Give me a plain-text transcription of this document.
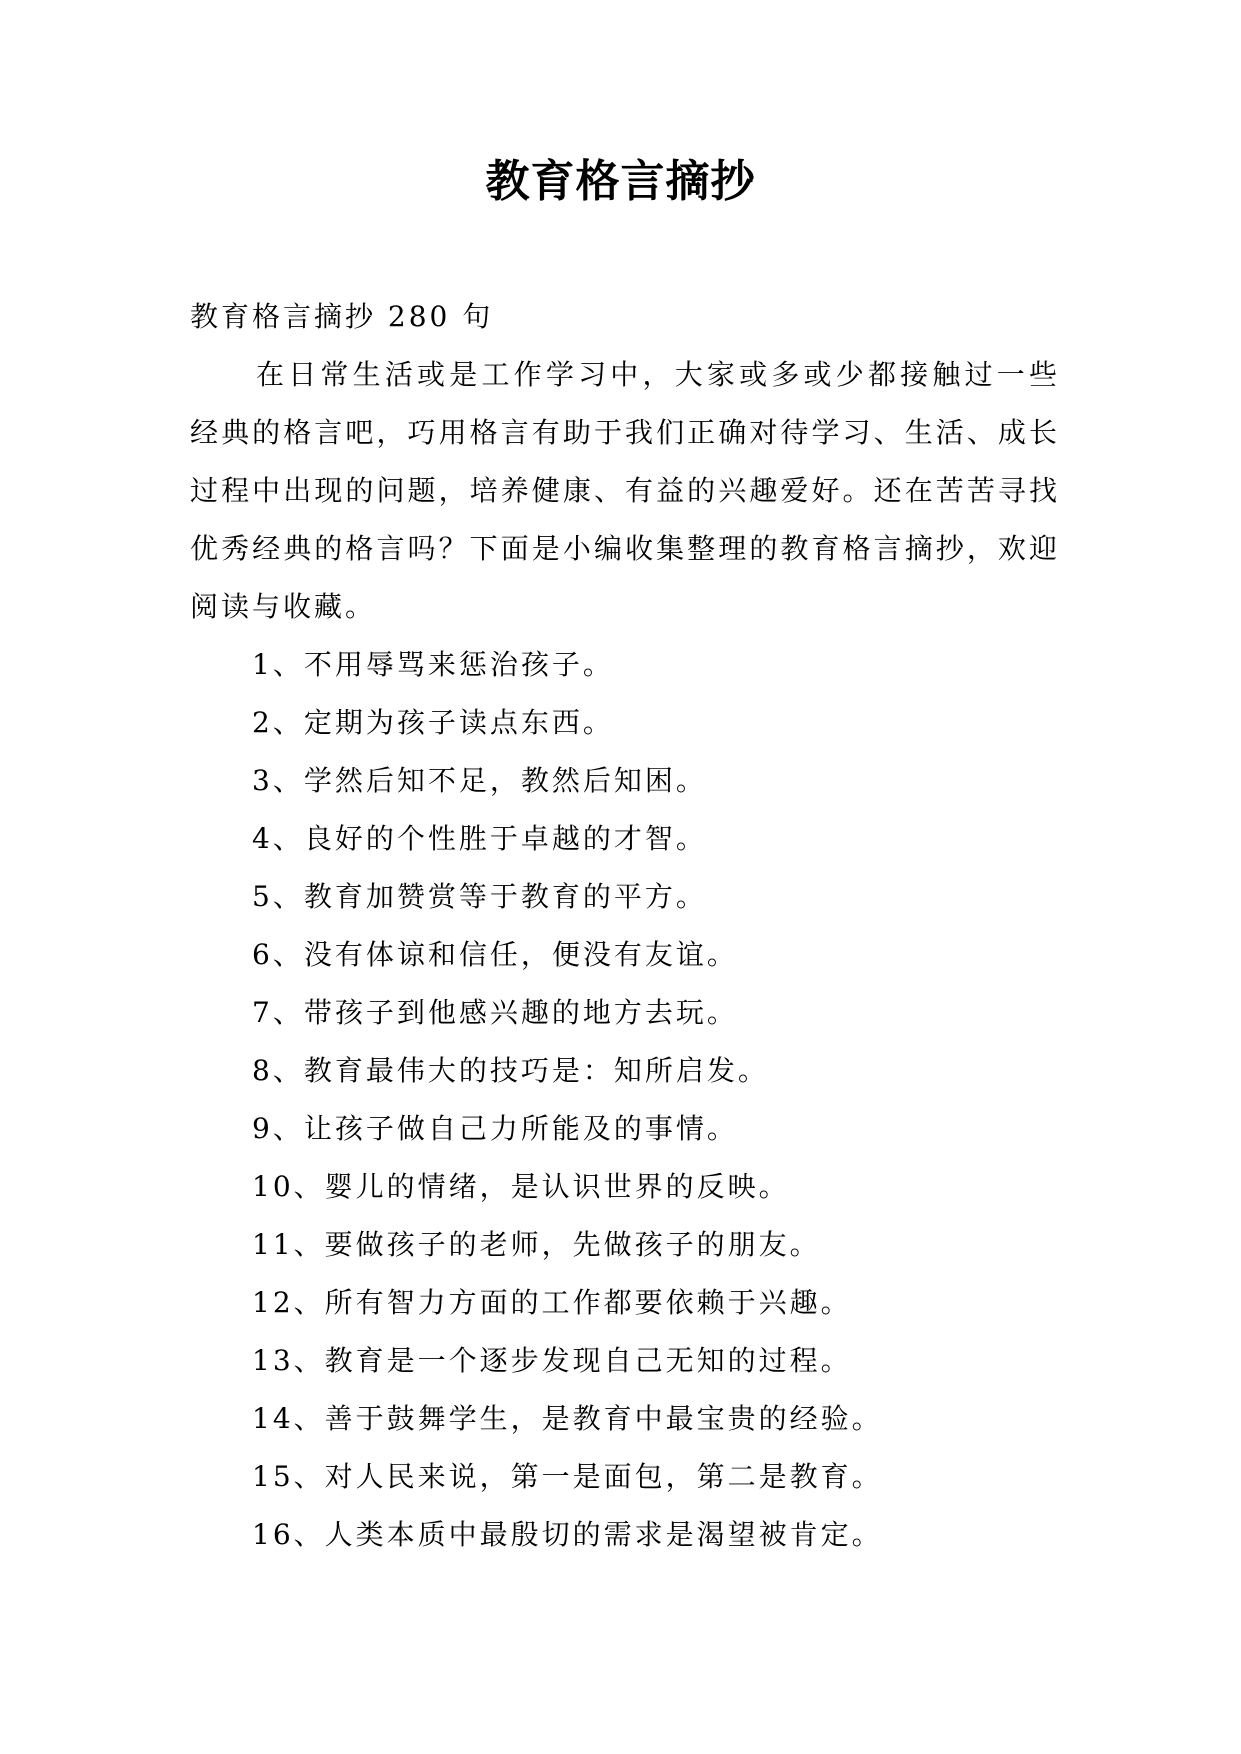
教育格言摘抄

教育格言摘抄 280 句

在日常生活或是工作学习中，大家或多或少都接触过一些经典的格言吧，巧用格言有助于我们正确对待学习、生活、成长过程中出现的问题，培养健康、有益的兴趣爱好。还在苦苦寻找优秀经典的格言吗？下面是小编收集整理的教育格言摘抄，欢迎阅读与收藏。

1、不用辱骂来惩治孩子。
2、定期为孩子读点东西。
3、学然后知不足，教然后知困。
4、良好的个性胜于卓越的才智。
5、教育加赞赏等于教育的平方。
6、没有体谅和信任，便没有友谊。
7、带孩子到他感兴趣的地方去玩。
8、教育最伟大的技巧是：知所启发。
9、让孩子做自己力所能及的事情。
10、婴儿的情绪，是认识世界的反映。
11、要做孩子的老师，先做孩子的朋友。
12、所有智力方面的工作都要依赖于兴趣。
13、教育是一个逐步发现自己无知的过程。
14、善于鼓舞学生，是教育中最宝贵的经验。
15、对人民来说，第一是面包，第二是教育。
16、人类本质中最殷切的需求是渴望被肯定。
